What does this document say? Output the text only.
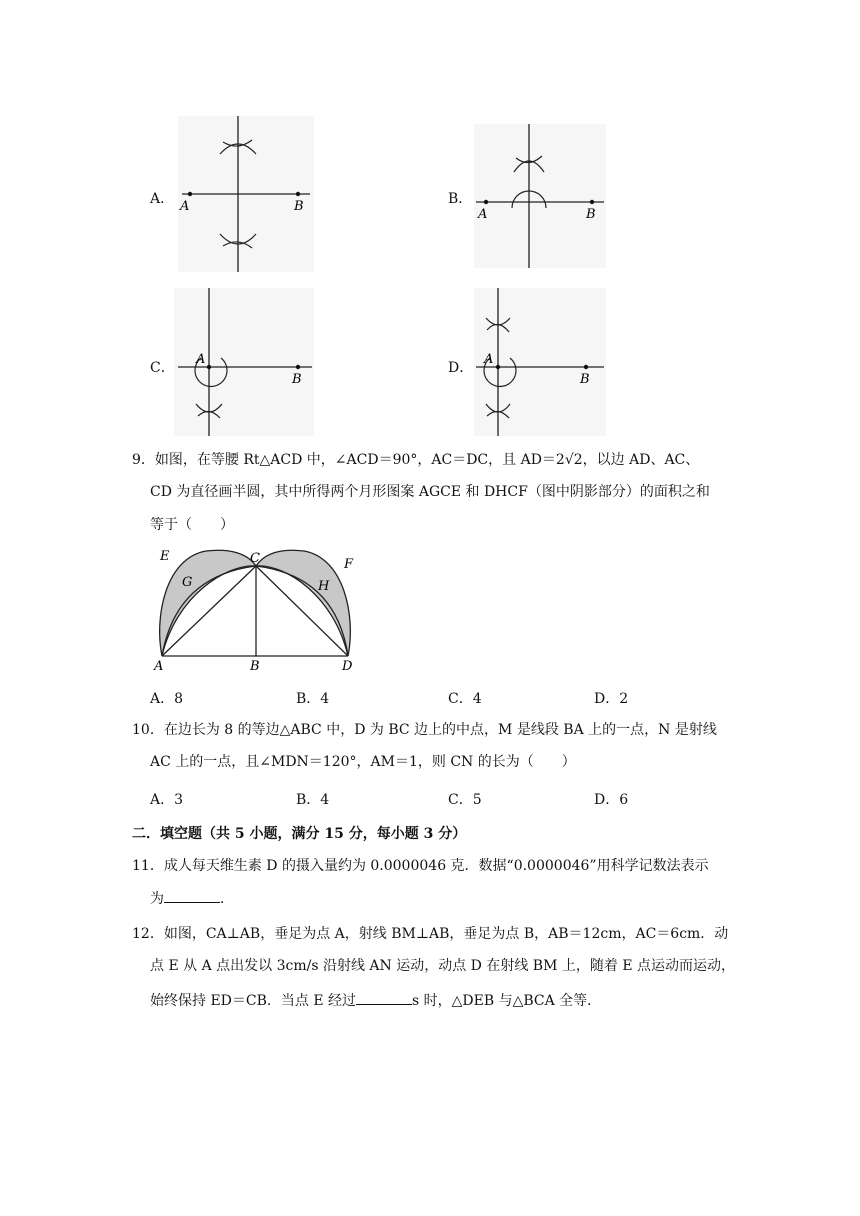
A． A	B	B．
A	B
C．
A
B
D．
A
B
9．如图，在等腰 Rt△ACD 中，∠ACD＝90°，AC＝DC，且 AD＝2√2，以边 AD、AC、
CD 为直径画半圆，其中所得两个月形图案 AGCE 和 DHCF（图中阴影部分）的面积之和
等于（　　）
E
G
C
H
F
A	B	D
A．8	B．4	C．4	D．2
10．在边长为 8 的等边△ABC 中，D 为 BC 边上的中点，M 是线段 BA 上的一点，N 是射线
AC 上的一点，且∠MDN＝120°，AM＝1，则 CN 的长为（　　）
A．3	B．4	C．5	D．6
二．填空题（共 5 小题，满分 15 分，每小题 3 分）
11．成人每天维生素 D 的摄入量约为 0.0000046 克．数据“0.0000046”用科学记数法表示
为	．
12．如图，CA⊥AB，垂足为点 A，射线 BM⊥AB，垂足为点 B，AB＝12cm，AC＝6cm．动
点 E 从 A 点出发以 3cm/s 沿射线 AN 运动，动点 D 在射线 BM 上，随着 E 点运动而运动，
始终保持 ED＝CB．当点 E 经过	s 时，△DEB 与△BCA 全等．
